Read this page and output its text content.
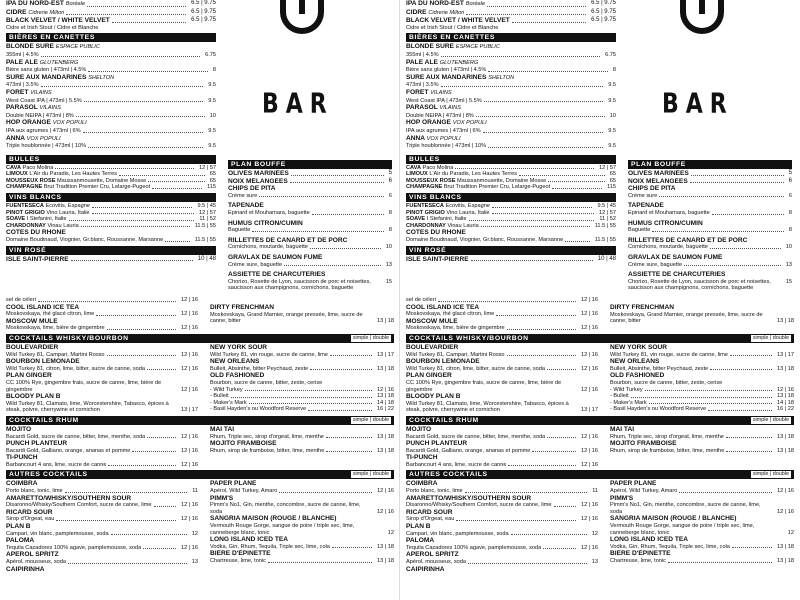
BAR
IPA DU NORD-EST Boréale	6.5 | 9.75
CIDRE Cidrerie Milton	6.5 | 9.75
BLACK VELVET / WHITE VELVET	6.5 | 9.75
Cidre et Irish Stout / Cidre et Blanche
BIÈRES EN CANETTES
BLONDE SÛRE ESPACE PUBLIC
355ml | 4.5%	6.75
PALE ALE GLUTENBERG
Bière sans gluten | 473ml | 4.5%	8
SÛRE AUX MANDARINES SHELTON
473ml | 3.5%	9.5
FORÊT VILAINS
West Coast IPA | 473ml | 5.5%	9.5
PARASOL VILAINS
Double NEIPA | 473ml | 8%	10
HOP ORANGE VOX POPULI
IPA aux agrumes | 473ml | 6%	9.5
ANNA VOX POPULI
Triple houblonnée | 473ml | 10%	9.5
BULLES
CAVA Paco Molina	12 | 57
LIMOUX L'Air du Paradis, Les Hautes Terres	65
MOUSSEUX ROSÉ Maussanmousette, Domaine Mosse	65
CHAMPAGNE Brut Tradition Premier Cru, Lelarge-Pugeot	115
VINS BLANCS
FUENTESECA Ecovitis, Espagne	9.5 | 45
PINOT GRIGIO Vino Lauria, Italie	12 | 57
SOAVE I Stefanini, Italie	11 | 52
CHARDONNAY Vinau Lauria	11.5 | 55
CÔTES DU RHÔNE
Domaine Boudinaud, Viognier, Gr.blanc, Roussanne, Marsanne	11.5 | 55
VIN ROSÉ
ISLE SAINT-PIERRE	10 | 48
PLAN BOUFFE
OLIVES MARINÉES	5
NOIX MÉLANGÉES	6
CHIPS DE PITA
Crème sure	6
TAPENADE
Épinard et Mouhamara, baguette	8
HUMUS CITRON/CUMIN
Baguette	8
RILLETTES DE CANARD ET DE PORC
Cornichons, moutarde, baguette	10
GRAVLAX DE SAUMON FUMÉ
Crème sure, baguette	13
ASSIETTE DE CHARCUTERIES
Chorizo, Rosette de Lyon, saucisson de porc et noisettes, saucisson aux champignons, cornichons, baguette
15
sel de céleri	12 | 16
COOL ISLAND ICE TEA
Moskovskaya, thé glacé citron, lime	12 | 16
MOSCOW MULE
Moskovskaya, lime, bière de gingembre	12 | 16
DIRTY FRENCHMAN
Moskovskaya, Grand Marnier, orange pressée, lime, sucre de canne, bitter	13 | 18
COCKTAILS WHISKY/BOURBON	simple | double
BOULEVARDIER
Wild Turkey 81, Campari, Martini Rosso	12 | 16
BOURBON LEMONADE
Wild Turkey 81, citron, lime, bitter, sucre de canne, soda	12 | 16
PLAN GINGER
CC 100% Rye, gingembre frais, sucre de canne, lime, bière de gingembre	12 | 16
BLOODY PLAN B
Wild Turkey 81, Clamato, lime, Worcestershire, Tabasco, épices à steak, poivre, cherrywine et cornichon	13 | 17
NEW YORK SOUR
Wild Turkey 81, vin rouge, sucre de canne, lime	13 | 17
NEW ORLEANS
Bulleit, Absinthe, bitter Peychaud, zeste	13 | 18
OLD FASHIONED
Bourbon, sucre de canne, bitter, zeste, cerise
- Wild Turkey	12 | 16
- Bulleit	13 | 18
- Maker's Mark	14 | 18
- Basil Hayden's ou Woodford Reserve	16 | 22
COCKTAILS RHUM	simple | double
MOJITO
Bacardi Gold, sucre de canne, bitter, lime, menthe, soda	12 | 16
PUNCH PLANTEUR
Bacardi Gold, Galliano, orange, ananas et pomme	12 | 16
TI-PUNCH
Barbancourt 4 ans, lime, sucre de canne	12 | 16
MAI TAI
Rhum, Triple sec, sirop d'orgeat, lime, menthe	13 | 18
MOJITO FRAMBOISE
Rhum, sirop de framboise, bitter, lime, menthe	13 | 18
AUTRES COCKTAILS	simple | double
COIMBRA
Porto blanc, tonic, lime	11
AMARETTO/WHISKY/SOUTHERN SOUR
Disaronno/Whisky/Southern Comfort, sucre de canne, lime	12 | 16
RICARD SOUR
Sirop d'Orgeat, eau	12 | 16
PLAN B
Campari, vin blanc, pamplemousse, soda	12
PALOMA
Tequila Cazadores 100% agave, pamplemousse, soda	12 | 16
APEROL SPRITZ
Apérol, mousseux, soda	13
CAIPIRINHA
PAPER PLANE
Apérol, Wild Turkey, Amaro	12 | 16
PIMM'S
Pimm's No1, Gin, menthe, concombre, sucre de canne, lime, soda	12 | 16
SANGRIA MAISON (ROUGE / BLANCHE)
Vermouth Rouge Gorge, sangue de poire / triple sec, lime, canneberge blanc, tonic	12
LONG ISLAND ICED TEA
Vodka, Gin, Rhum, Tequila, Triple sec, lime, cola	13 | 18
BIÈRE D'ÉPINETTE
Chartreuse, lime, tonic	13 | 18
BAR
IPA DU NORD-EST Boréale	6.5 | 9.75
CIDRE Cidrerie Milton	6.5 | 9.75
BLACK VELVET / WHITE VELVET	6.5 | 9.75
Cidre et Irish Stout / Cidre et Blanche
BIÈRES EN CANETTES
BLONDE SÛRE ESPACE PUBLIC
355ml | 4.5%	6.75
PALE ALE GLUTENBERG
Bière sans gluten | 473ml | 4.5%	8
SÛRE AUX MANDARINES SHELTON
473ml | 3.5%	9.5
FORÊT VILAINS
West Coast IPA | 473ml | 5.5%	9.5
PARASOL VILAINS
Double NEIPA | 473ml | 8%	10
HOP ORANGE VOX POPULI
IPA aux agrumes | 473ml | 6%	9.5
ANNA VOX POPULI
Triple houblonnée | 473ml | 10%	9.5
BULLES
CAVA Paco Molina	12 | 57
LIMOUX L'Air du Paradis, Les Hautes Terres	65
MOUSSEUX ROSÉ Maussanmousette, Domaine Mosse	65
CHAMPAGNE Brut Tradition Premier Cru, Lelarge-Pugeot	115
VINS BLANCS
FUENTESECA Ecovitis, Espagne	9.5 | 45
PINOT GRIGIO Vino Lauria, Italie	12 | 57
SOAVE I Stefanini, Italie	11 | 52
CHARDONNAY Vinau Lauria	11.5 | 55
CÔTES DU RHÔNE
Domaine Boudinaud, Viognier, Gr.blanc, Roussanne, Marsanne	11.5 | 55
VIN ROSÉ
ISLE SAINT-PIERRE	10 | 48
PLAN BOUFFE
OLIVES MARINÉES	5
NOIX MÉLANGÉES	6
CHIPS DE PITA
Crème sure	6
TAPENADE
Épinard et Mouhamara, baguette	8
HUMUS CITRON/CUMIN
Baguette	8
RILLETTES DE CANARD ET DE PORC
Cornichons, moutarde, baguette	10
GRAVLAX DE SAUMON FUMÉ
Crème sure, baguette	13
ASSIETTE DE CHARCUTERIES
Chorizo, Rosette de Lyon, saucisson de porc et noisettes, saucisson aux champignons, cornichons, baguette
15
sel de céleri	12 | 16
COOL ISLAND ICE TEA
Moskovskaya, thé glacé citron, lime	12 | 16
MOSCOW MULE
Moskovskaya, lime, bière de gingembre	12 | 16
DIRTY FRENCHMAN
Moskovskaya, Grand Marnier, orange pressée, lime, sucre de canne, bitter	13 | 18
COCKTAILS WHISKY/BOURBON	simple | double
BOULEVARDIER
Wild Turkey 81, Campari, Martini Rosso	12 | 16
BOURBON LEMONADE
Wild Turkey 81, citron, lime, bitter, sucre de canne, soda	12 | 16
PLAN GINGER
CC 100% Rye, gingembre frais, sucre de canne, lime, bière de gingembre	12 | 16
BLOODY PLAN B
Wild Turkey 81, Clamato, lime, Worcestershire, Tabasco, épices à steak, poivre, cherrywine et cornichon	13 | 17
NEW YORK SOUR
Wild Turkey 81, vin rouge, sucre de canne, lime	13 | 17
NEW ORLEANS
Bulleit, Absinthe, bitter Peychaud, zeste	13 | 18
OLD FASHIONED
Bourbon, sucre de canne, bitter, zeste, cerise
- Wild Turkey	12 | 16
- Bulleit	13 | 18
- Maker's Mark	14 | 18
- Basil Hayden's ou Woodford Reserve	16 | 22
COCKTAILS RHUM	simple | double
MOJITO
Bacardi Gold, sucre de canne, bitter, lime, menthe, soda	12 | 16
PUNCH PLANTEUR
Bacardi Gold, Galliano, orange, ananas et pomme	12 | 16
TI-PUNCH
Barbancourt 4 ans, lime, sucre de canne	12 | 16
MAI TAI
Rhum, Triple sec, sirop d'orgeat, lime, menthe	13 | 18
MOJITO FRAMBOISE
Rhum, sirop de framboise, bitter, lime, menthe	13 | 18
AUTRES COCKTAILS	simple | double
COIMBRA
Porto blanc, tonic, lime	11
AMARETTO/WHISKY/SOUTHERN SOUR
Disaronno/Whisky/Southern Comfort, sucre de canne, lime	12 | 16
RICARD SOUR
Sirop d'Orgeat, eau	12 | 16
PLAN B
Campari, vin blanc, pamplemousse, soda	12
PALOMA
Tequila Cazadores 100% agave, pamplemousse, soda	12 | 16
APEROL SPRITZ
Apérol, mousseux, soda	13
CAIPIRINHA
PAPER PLANE
Apérol, Wild Turkey, Amaro	12 | 16
PIMM'S
Pimm's No1, Gin, menthe, concombre, sucre de canne, lime, soda	12 | 16
SANGRIA MAISON (ROUGE / BLANCHE)
Vermouth Rouge Gorge, sangue de poire / triple sec, lime, canneberge blanc, tonic	12
LONG ISLAND ICED TEA
Vodka, Gin, Rhum, Tequila, Triple sec, lime, cola	13 | 18
BIÈRE D'ÉPINETTE
Chartreuse, lime, tonic	13 | 18
